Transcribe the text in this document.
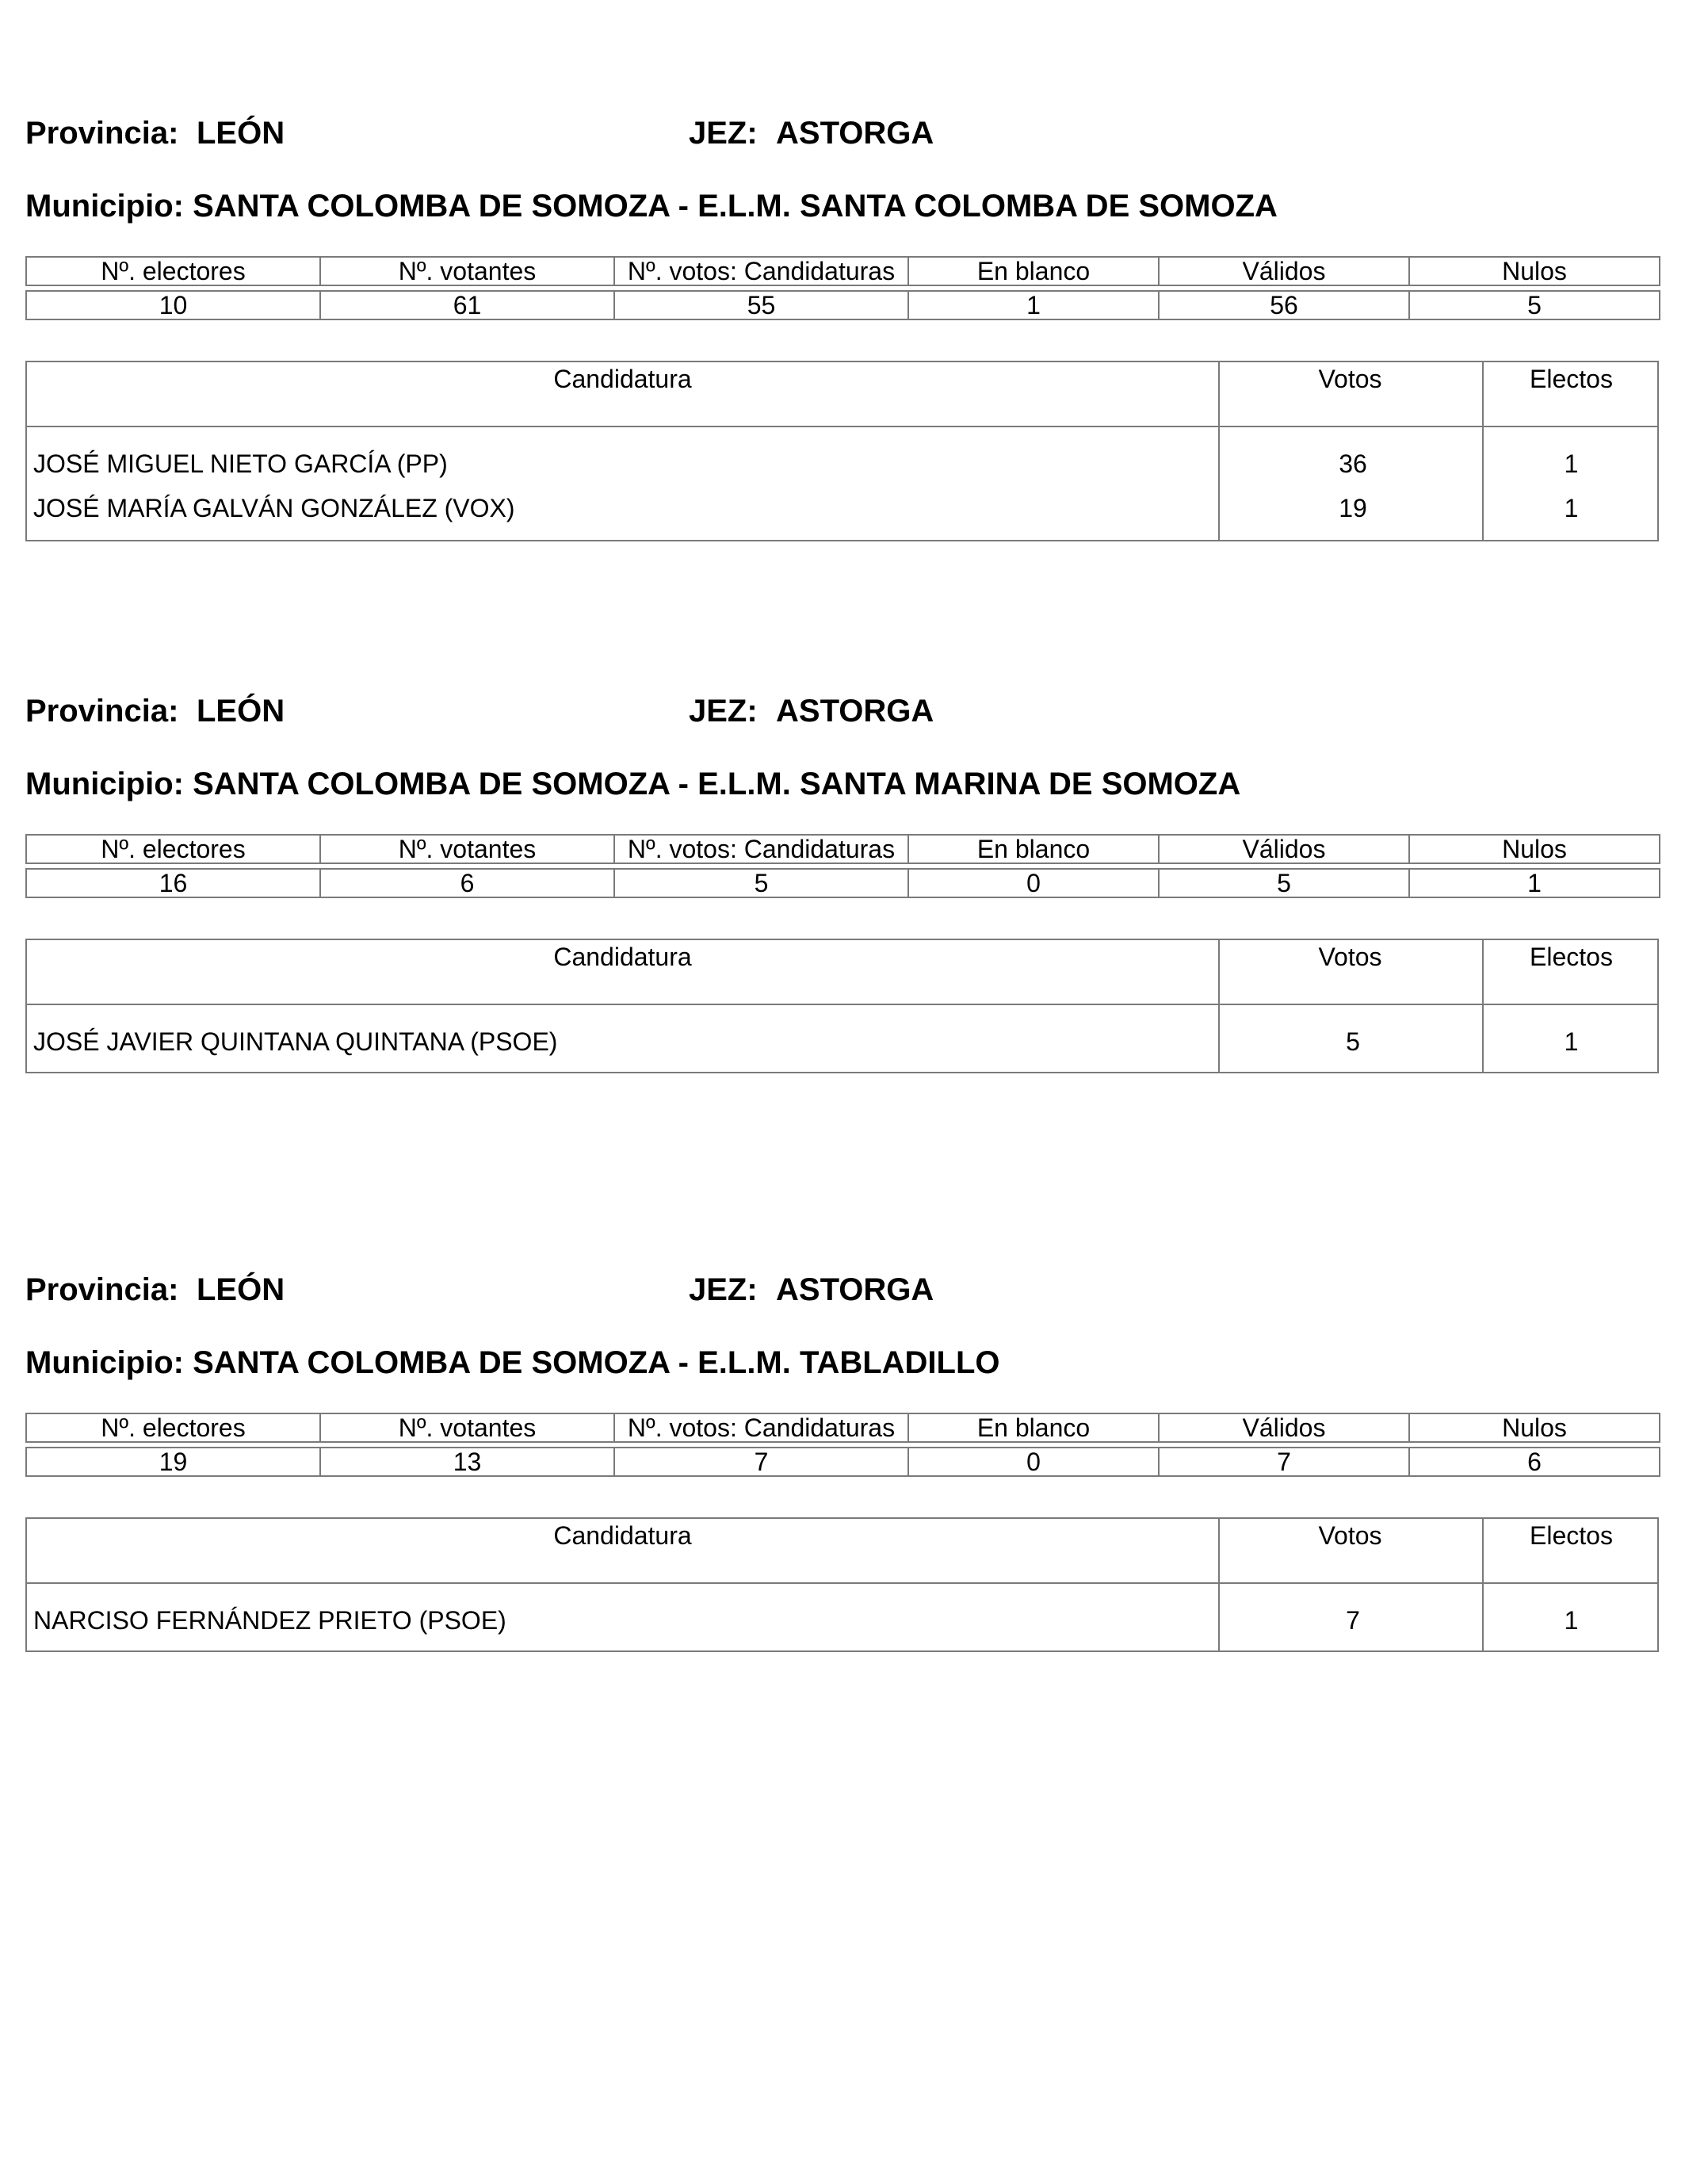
Provincia: LEÓN	JEZ: ASTORGA
Municipio: SANTA COLOMBA DE SOMOZA - E.L.M. SANTA COLOMBA DE SOMOZA
Nº. electores	Nº. votantes	Nº. votos: Candidaturas	En blanco	Válidos	Nulos

10	61	55	1	56	5
Candidatura	Votos	Electos
JOSÉ MIGUEL NIETO GARCÍA (PP)	36	1
JOSÉ MARÍA GALVÁN GONZÁLEZ (VOX)	19	1
Provincia: LEÓN	JEZ: ASTORGA
Municipio: SANTA COLOMBA DE SOMOZA - E.L.M. SANTA MARINA DE SOMOZA
Nº. electores	Nº. votantes	Nº. votos: Candidaturas	En blanco	Válidos	Nulos

16	6	5	0	5	1
Candidatura	Votos	Electos
JOSÉ JAVIER QUINTANA QUINTANA (PSOE)	5	1
Provincia: LEÓN	JEZ: ASTORGA
Municipio: SANTA COLOMBA DE SOMOZA - E.L.M. TABLADILLO
Nº. electores	Nº. votantes	Nº. votos: Candidaturas	En blanco	Válidos	Nulos

19	13	7	0	7	6
Candidatura	Votos	Electos
NARCISO FERNÁNDEZ PRIETO (PSOE)	7	1
